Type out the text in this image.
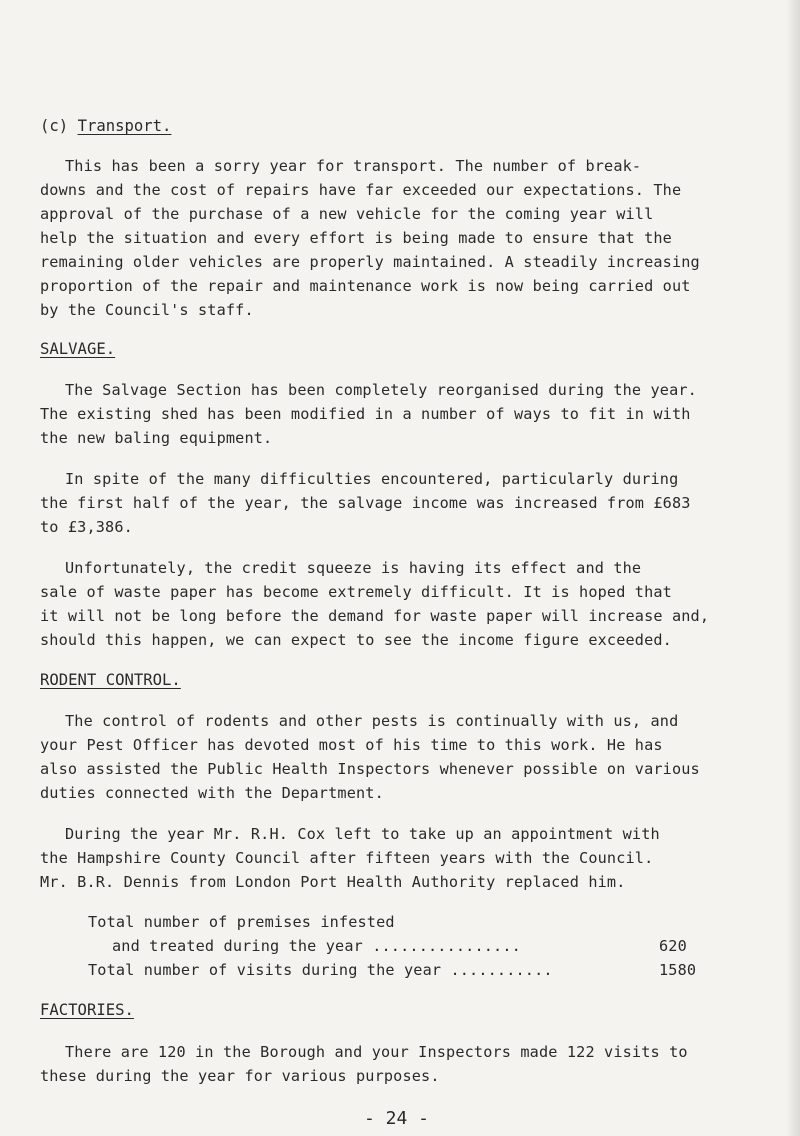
(c) Transport.
This has been a sorry year for transport. The number of break-
downs and the cost of repairs have far exceeded our expectations. The
approval of the purchase of a new vehicle for the coming year will
help the situation and every effort is being made to ensure that the
remaining older vehicles are properly maintained. A steadily increasing
proportion of the repair and maintenance work is now being carried out
by the Council's staff.
SALVAGE.
The Salvage Section has been completely reorganised during the year.
The existing shed has been modified in a number of ways to fit in with
the new baling equipment.
In spite of the many difficulties encountered, particularly during
the first half of the year, the salvage income was increased from £683
to £3,386.
Unfortunately, the credit squeeze is having its effect and the
sale of waste paper has become extremely difficult. It is hoped that
it will not be long before the demand for waste paper will increase and,
should this happen, we can expect to see the income figure exceeded.
RODENT CONTROL.
The control of rodents and other pests is continually with us, and
your Pest Officer has devoted most of his time to this work. He has
also assisted the Public Health Inspectors whenever possible on various
duties connected with the Department.
During the year Mr. R.H. Cox left to take up an appointment with
the Hampshire County Council after fifteen years with the Council.
Mr. B.R. Dennis from London Port Health Authority replaced him.
Total number of premises infested
and treated during the year ................	620
Total number of visits during the year ...........	1580
FACTORIES.
There are 120 in the Borough and your Inspectors made 122 visits to
these during the year for various purposes.
- 24 -
